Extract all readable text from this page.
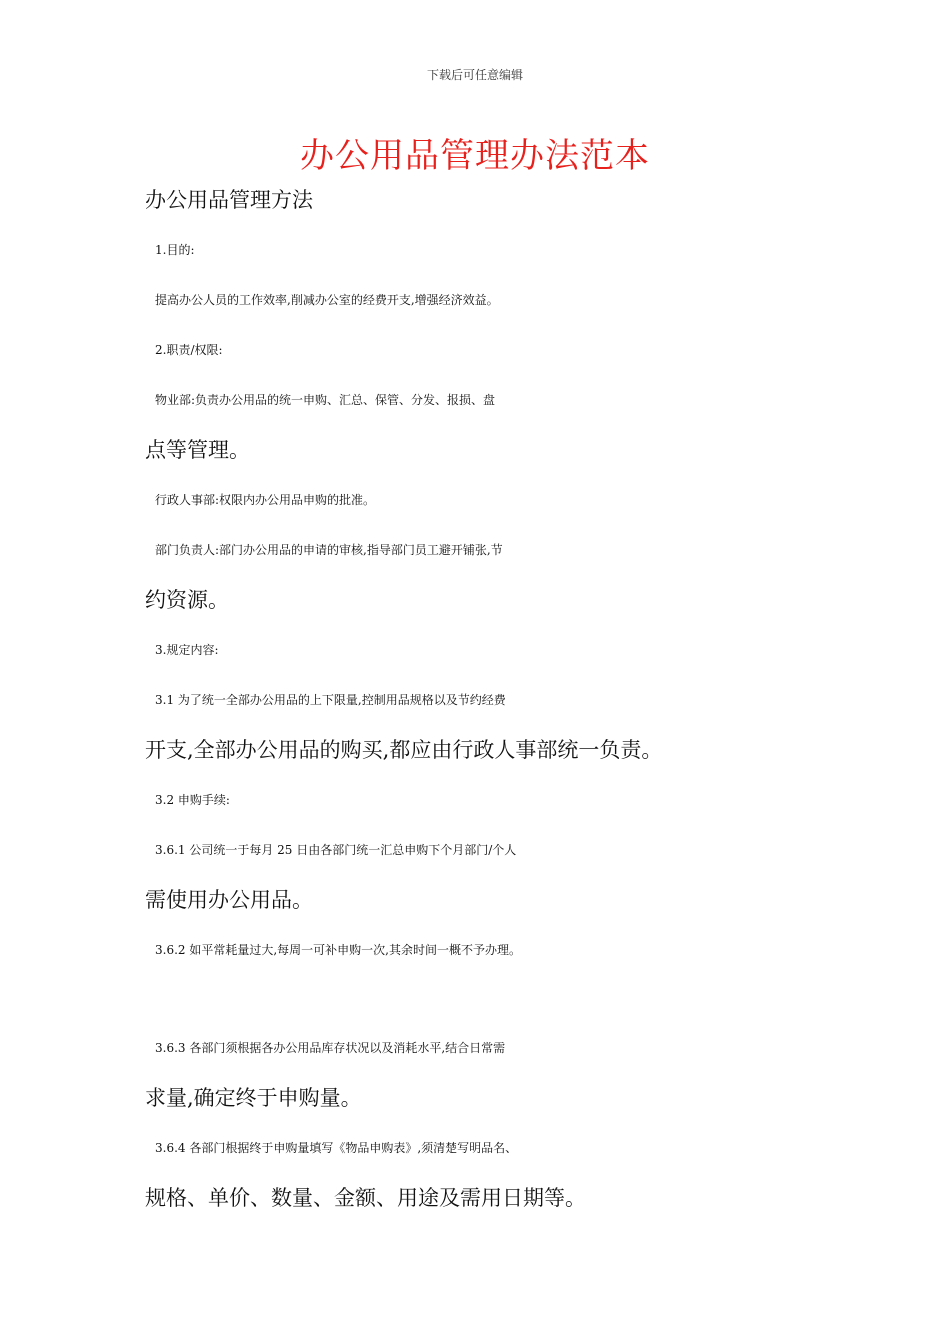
下载后可任意编辑
办公用品管理办法范本
办公用品管理方法
1.目的:
提高办公人员的工作效率,削减办公室的经费开支,增强经济效益。
2.职责/权限:
物业部:负责办公用品的统一申购、汇总、保管、分发、报损、盘
点等管理。
行政人事部:权限内办公用品申购的批准。
部门负责人:部门办公用品的申请的审核,指导部门员工避开铺张,节
约资源。
3.规定内容:
3.1 为了统一全部办公用品的上下限量,控制用品规格以及节约经费
开支,全部办公用品的购买,都应由行政人事部统一负责。
3.2 申购手续:
3.6.1 公司统一于每月 25 日由各部门统一汇总申购下个月部门/个人
需使用办公用品。
3.6.2 如平常耗量过大,每周一可补申购一次,其余时间一概不予办理。
3.6.3 各部门须根据各办公用品库存状况以及消耗水平,结合日常需
求量,确定终于申购量。
3.6.4 各部门根据终于申购量填写《物品申购表》,须清楚写明品名、
规格、单价、数量、金额、用途及需用日期等。
